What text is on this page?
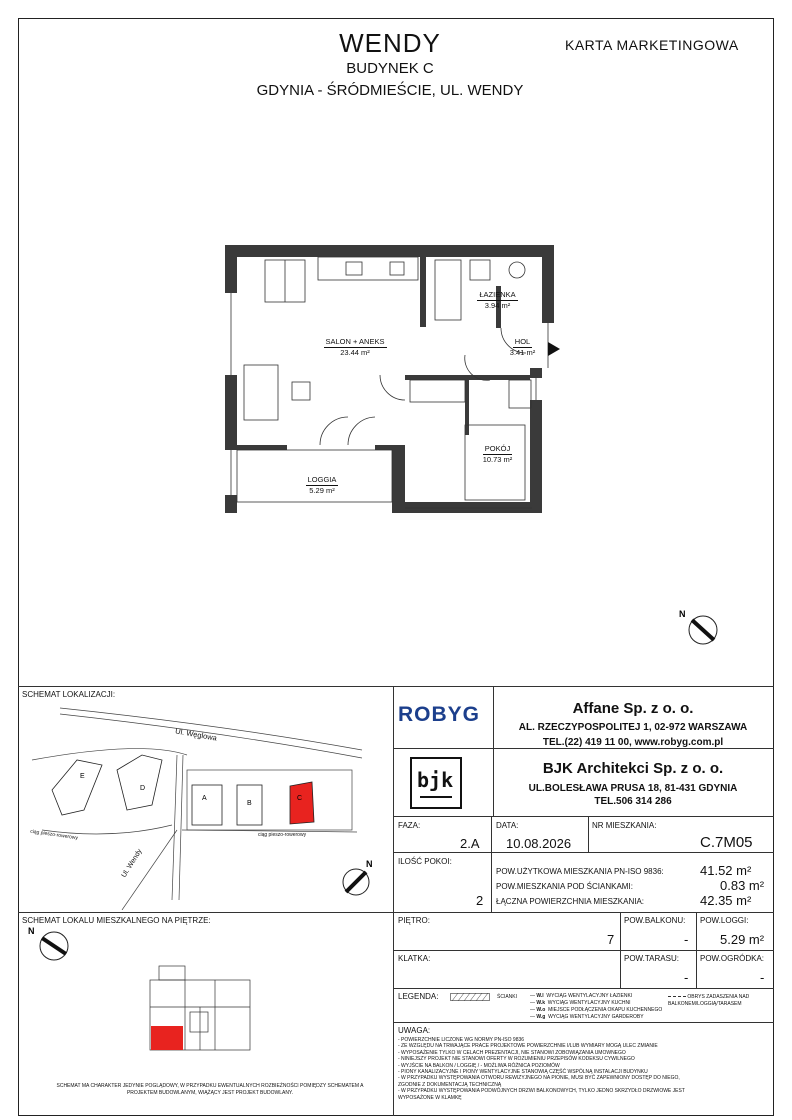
WENDY
BUDYNEK C
GDYNIA - ŚRÓDMIEŚCIE, UL. WENDY
KARTA MARKETINGOWA
SALON + ANEKS
23.44 m²
ŁAZIENKA
3.94 m²
HOL
3.41 m²
POKÓJ
10.73 m²
LOGGIA
5.29 m²
N
SCHEMAT LOKALIZACJI:
E
D
A
B
C
Ul. Węglowa
Ul. Wendy
ciąg pieszo-rowerowy	ciąg pieszo-rowerowy
N
SCHEMAT LOKALU MIESZKALNEGO NA PIĘTRZE:
N
SCHEMAT MA CHARAKTER JEDYNIE POGLĄDOWY, W PRZYPADKU EWENTUALNYCH ROZBIEŻNOŚCI POMIĘDZY SCHEMATEM A PROJEKTEM BUDOWLANYM, WIĄŻĄCY JEST PROJEKT BUDOWLANY.
ROBYG	Affane Sp. z o. o.
AL. RZECZYPOSPOLITEJ 1, 02-972 WARSZAWA
TEL.(22) 419 11 00, www.robyg.com.pl
bjk	BJK Architekci Sp. z o. o.
UL.BOLESŁAWA PRUSA 18, 81-431 GDYNIA
TEL.506 314 286
FAZA:
2.A
DATA:
10.08.2026
NR MIESZKANIA:
C.7M05
ILOŚĆ POKOI:
2
POW.UŻYTKOWA MIESZKANIA PN-ISO 9836:	41.52 m²
POW.MIESZKANIA POD ŚCIANKAMI:	0.83 m²
ŁĄCZNA POWIERZCHNIA MIESZKANIA:	42.35 m²
PIĘTRO:
7
POW.BALKONU:
-
POW.LOGGI:
5.29 m²
KLATKA:	POW.TARASU:
-
POW.OGRÓDKA:
-
LEGENDA:	ŚCIANKI	— W.l WYCIĄG WENTYLACYJNY ŁAZIENKI
— W.k WYCIĄG WENTYLACYJNY KUCHNI
— W.o MIEJSCE PODŁĄCZENIA OKAPU KUCHENNEGO
— W.g WYCIĄG WENTYLACYJNY GARDEROBY
OBRYS ZADASZENIA NAD BALKONEM/LOGGIĄ/TARASEM
UWAGA:
- POWIERZCHNIE LICZONE WG NORMY PN-ISO 9836
- ZE WZGLĘDU NA TRWAJĄCE PRACE PROJEKTOWE POWIERZCHNIE I/LUB WYMIARY MOGĄ ULEC ZMIANIE
- WYPOSAŻENIE TYLKO W CELACH PREZENTACJI, NIE STANOWI ZOBOWIĄZANIA UMOWNEGO
- NINIEJSZY PROJEKT NIE STANOWI OFERTY W ROZUMIENIU PRZEPISÓW KODEKSU CYWILNEGO
- WYJŚCIE NA BALKON / LOGGIĘ / - MOŻLIWA RÓŻNICA POZIOMÓW
- PIONY KANALIZACYJNE I PIONY WENTYLACYJNE STANOWIĄ CZĘŚĆ WSPÓLNĄ INSTALACJI BUDYNKU
- W PRZYPADKU WYSTĘPOWANIA OTWORU REWIZYJNEGO NA PIONIE, MUSI BYĆ ZAPEWNIONY DOSTĘP DO NIEGO, ZGODNIE Z DOKUMENTACJĄ TECHNICZNĄ
- W PRZYPADKU WYSTĘPOWANIA PODWÓJNYCH DRZWI BALKONOWYCH, TYLKO JEDNO SKRZYDŁO DRZWIOWE JEST WYPOSAŻONE W KLAMKĘ
